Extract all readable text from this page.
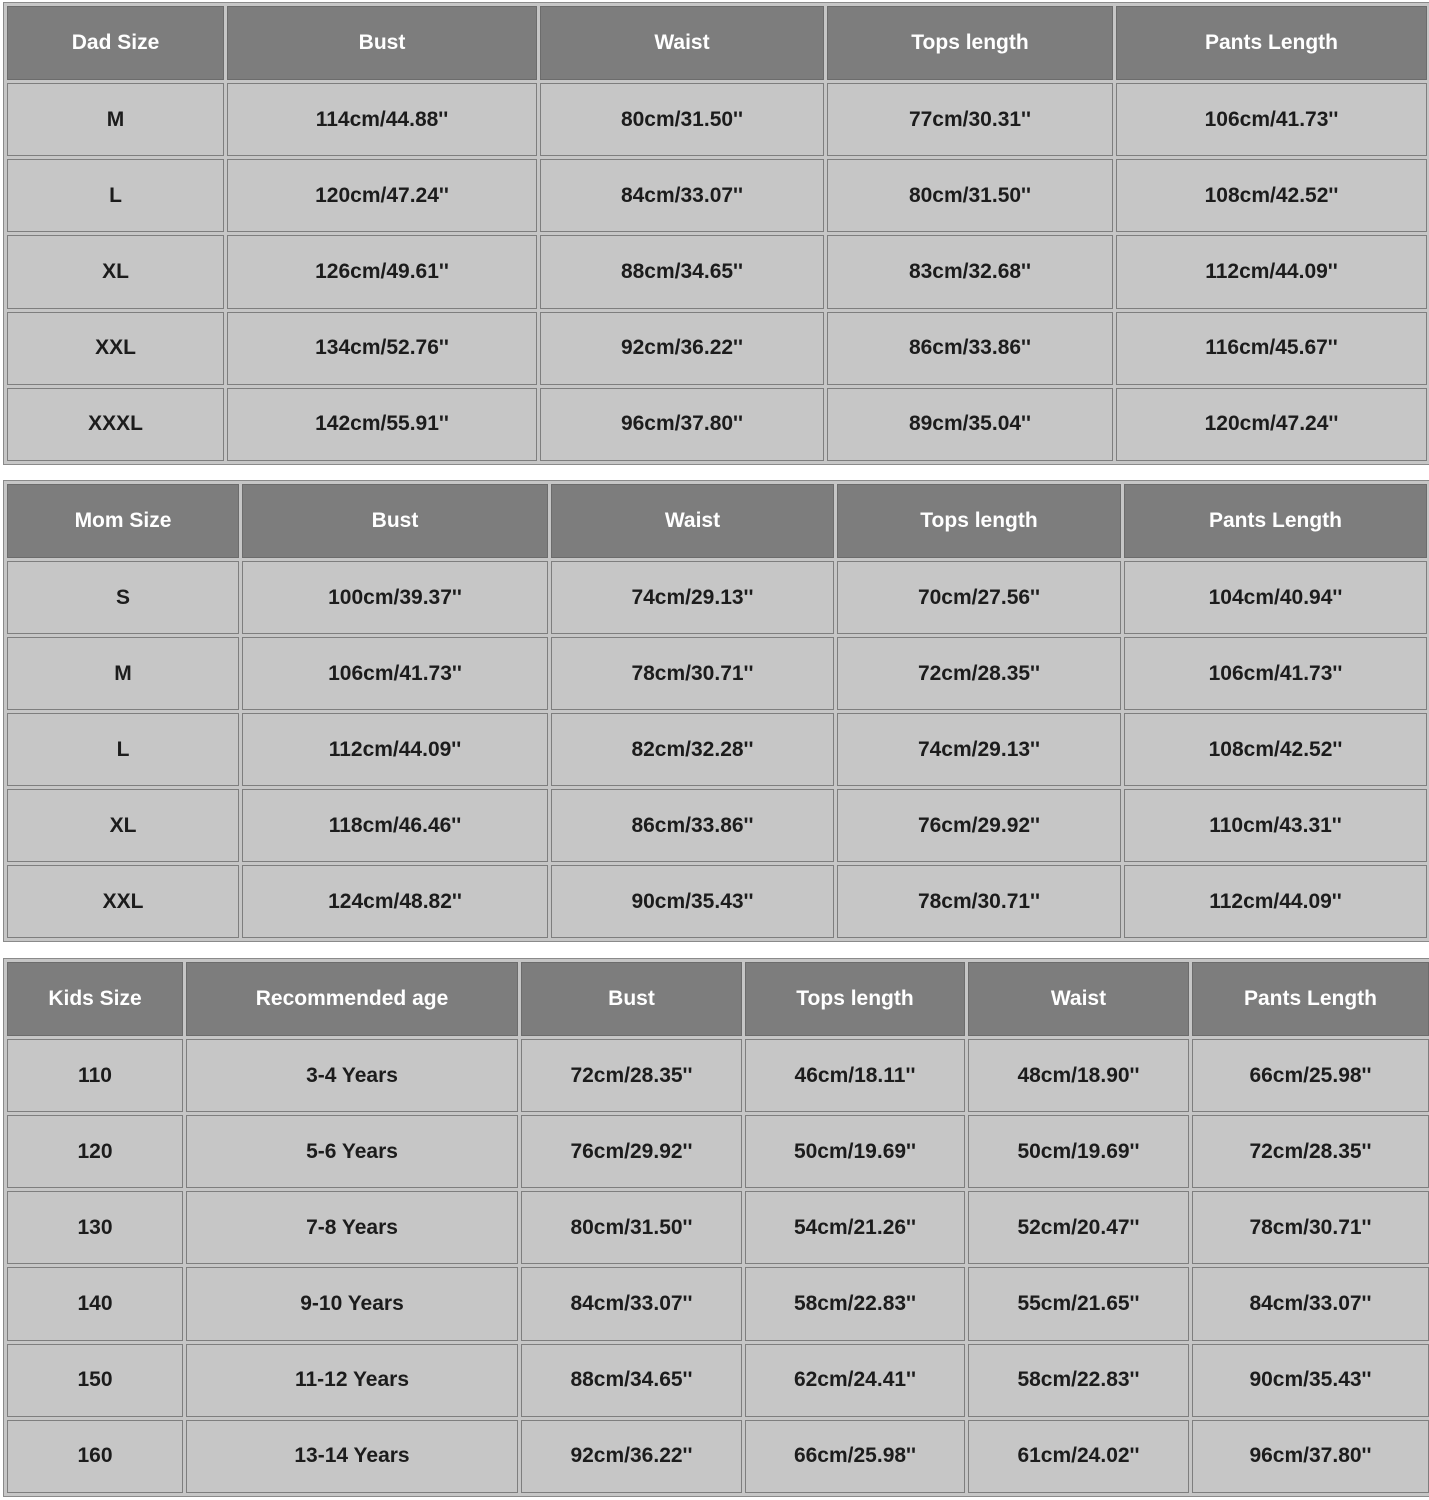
Dad Size	Bust	Waist	Tops length	Pants Length
M	114cm/44.88''	80cm/31.50''	77cm/30.31''	106cm/41.73''
L	120cm/47.24''	84cm/33.07''	80cm/31.50''	108cm/42.52''
XL	126cm/49.61''	88cm/34.65''	83cm/32.68''	112cm/44.09''
XXL	134cm/52.76''	92cm/36.22''	86cm/33.86''	116cm/45.67''
XXXL	142cm/55.91''	96cm/37.80''	89cm/35.04''	120cm/47.24''
Mom Size	Bust	Waist	Tops length	Pants Length
S	100cm/39.37''	74cm/29.13''	70cm/27.56''	104cm/40.94''
M	106cm/41.73''	78cm/30.71''	72cm/28.35''	106cm/41.73''
L	112cm/44.09''	82cm/32.28''	74cm/29.13''	108cm/42.52''
XL	118cm/46.46''	86cm/33.86''	76cm/29.92''	110cm/43.31''
XXL	124cm/48.82''	90cm/35.43''	78cm/30.71''	112cm/44.09''
Kids Size	Recommended age	Bust	Tops length	Waist	Pants Length
110	3-4 Years	72cm/28.35''	46cm/18.11''	48cm/18.90''	66cm/25.98''
120	5-6 Years	76cm/29.92''	50cm/19.69''	50cm/19.69''	72cm/28.35''
130	7-8 Years	80cm/31.50''	54cm/21.26''	52cm/20.47''	78cm/30.71''
140	9-10 Years	84cm/33.07''	58cm/22.83''	55cm/21.65''	84cm/33.07''
150	11-12 Years	88cm/34.65''	62cm/24.41''	58cm/22.83''	90cm/35.43''
160	13-14 Years	92cm/36.22''	66cm/25.98''	61cm/24.02''	96cm/37.80''
